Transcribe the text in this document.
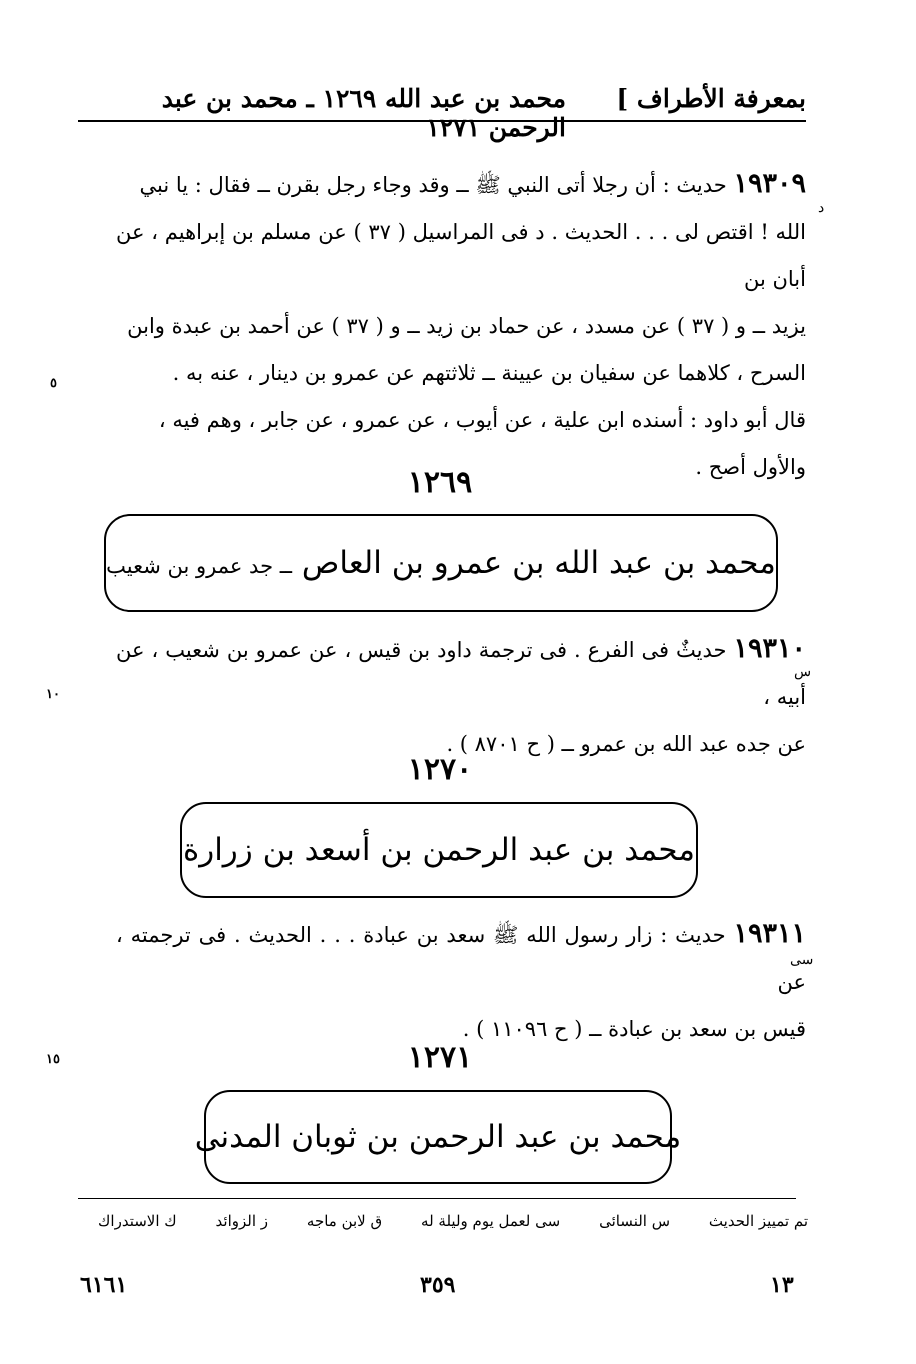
بمعرفة الأطراف ]
محمد بن عبد الله ١٢٦٩ ـ محمد بن عبد الرحمن ١٢٧١
١٩٣٠٩ حديث : أن رجلا أتى النبي ﷺ ــ وقد وجاء رجل بقرن ــ فقال : يا نبي
الله ! اقتص لى . . . الحديث . د فى المراسيل ( ٣٧ ) عن مسلم بن إبراهيم ، عن أبان بن
يزيد ــ و ( ٣٧ ) عن مسدد ، عن حماد بن زيد ــ و ( ٣٧ ) عن أحمد بن عبدة وابن
السرح ، كلاهما عن سفيان بن عيينة ــ ثلاثتهم عن عمرو بن دينار ، عنه به .
قال أبو داود : أسنده ابن علية ، عن أيوب ، عن عمرو ، عن جابر ، وهم فيه ،
والأول أصح .
د
٥
١٢٦٩
محمد بن عبد الله بن عمرو بن العاص ــ جد عمرو بن شعيب
١٩٣١٠ حديثٌ فى الفرع . فى ترجمة داود بن قيس ، عن عمرو بن شعيب ، عن أبيه ،
عن جده عبد الله بن عمرو ــ ( ح ٨٧٠١ ) .
س
١٠
١٢٧٠
محمد بن عبد الرحمن بن أسعد بن زرارة
١٩٣١١ حديث : زار رسول الله ﷺ سعد بن عبادة . . . الحديث . فى ترجمته ، عن
قيس بن سعد بن عبادة ــ ( ح ١١٠٩٦ ) .
سى
١٥	١٢٧١
محمد بن عبد الرحمن بن ثوبان المدنى
تم تمييز الحديث
س النسائى
سى لعمل يوم وليلة له
ق لابن ماجه
ز الزوائد
ك الاستدراك
١٣
٣٥٩
٦١٦١
